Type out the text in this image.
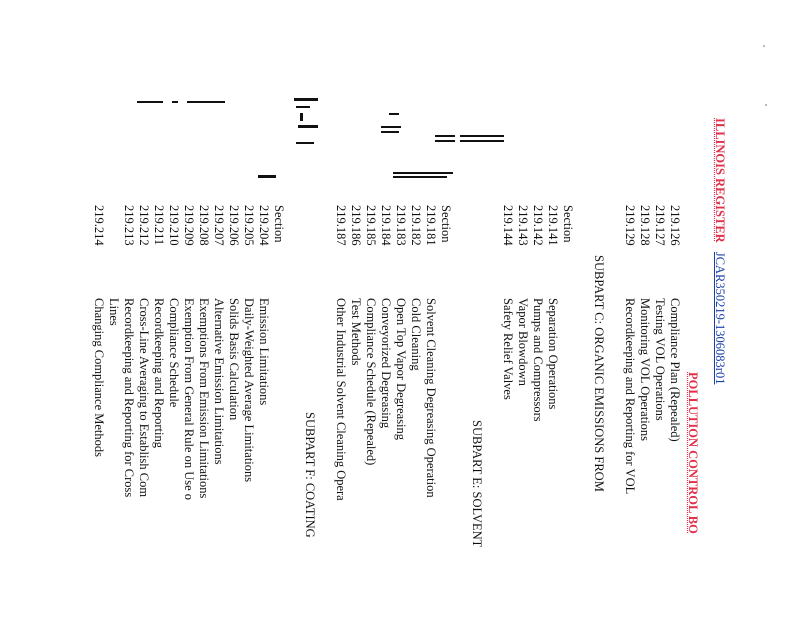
ILLINOIS REGISTER JCAR350219-1306083r01
POLLUTION CONTROL BO
219.126Compliance Plan (Repealed)
219.127Testing VOL Operations
219.128Monitoring VOL Operations
219.129Recordkeeping and Reporting for VOL
SUBPART C: ORGANIC EMISSIONS FROM
Section
219.141Separation Operations
219.142Pumps and Compressors
219.143Vapor Blowdown
219.144Safety Relief Valves
SUBPART E: SOLVENT
Section
219.181Solvent Cleaning Degreasing Operation
219.182Cold Cleaning
219.183Open Top Vapor Degreasing
219.184Conveyorized Degreasing
219.185Compliance Schedule (Repealed)
219.186Test Methods
219.187Other Industrial Solvent Cleaning Opera
SUBPART F: COATING
Section
219.204Emission Limitations
219.205Daily-Weighted Average Limitations
219.206Solids Basis Calculation
219.207Alternative Emission Limitations
219.208Exemptions From Emission Limitations
219.209Exemption From General Rule on Use o
219.210Compliance Schedule
219.211Recordkeeping and Reporting
219.212Cross-Line Averaging to Establish Com
219.213Recordkeeping and Reporting for Cross
Lines
219.214Changing Compliance Methods
